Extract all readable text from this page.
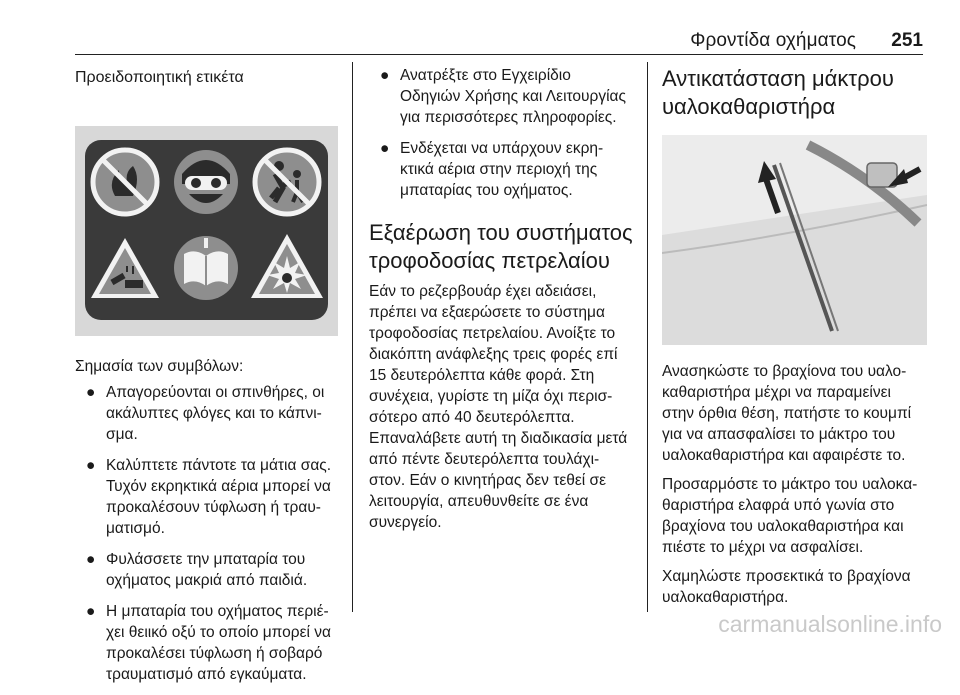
Φροντίδα οχήματος 251

Προειδοποιητική ετικέτα

Σημασία των συμβόλων:

● Απαγορεύονται οι σπινθήρες, οι ακάλυπτες φλόγες και το κάπνι-σμα.
● Καλύπτετε πάντοτε τα μάτια σας. Τυχόν εκρηκτικά αέρια μπορεί να προκαλέσουν τύφλωση ή τραυ-ματισμό.
● Φυλάσσετε την μπαταρία του οχήματος μακριά από παιδιά.
● Η μπαταρία του οχήματος περιέ-χει θειικό οξύ το οποίο μπορεί να προκαλέσει τύφλωση ή σοβαρό τραυματισμό από εγκαύματα.
● Ανατρέξτε στο Εγχειρίδιο Οδηγιών Χρήσης και Λειτουργίας για περισσότερες πληροφορίες.
● Ενδέχεται να υπάρχουν εκρη-κτικά αέρια στην περιοχή της μπαταρίας του οχήματος.
Εξαέρωση του συστήματος τροφοδοσίας πετρελαίου

Εάν το ρεζερβουάρ έχει αδειάσει, πρέπει να εξαερώσετε το σύστημα τροφοδοσίας πετρελαίου. Ανοίξτε το διακόπτη ανάφλεξης τρεις φορές επί 15 δευτερόλεπτα κάθε φορά. Στη συνέχεια, γυρίστε τη μίζα όχι περισ-σότερο από 40 δευτερόλεπτα. Επαναλάβετε αυτή τη διαδικασία μετά από πέντε δευτερόλεπτα τουλάχι-στον. Εάν ο κινητήρας δεν τεθεί σε λειτουργία, απευθυνθείτε σε ένα συνεργείο.

Αντικατάσταση μάκτρου υαλοκαθαριστήρα

Ανασηκώστε το βραχίονα του υαλο-καθαριστήρα μέχρι να παραμείνει στην όρθια θέση, πατήστε το κουμπί για να απασφαλίσει το μάκτρο του υαλοκαθαριστήρα και αφαιρέστε το.

Προσαρμόστε το μάκτρο του υαλοκα-θαριστήρα ελαφρά υπό γωνία στο βραχίονα του υαλοκαθαριστήρα και πιέστε το μέχρι να ασφαλίσει.

Χαμηλώστε προσεκτικά το βραχίονα υαλοκαθαριστήρα.

carmanualsonline.info
